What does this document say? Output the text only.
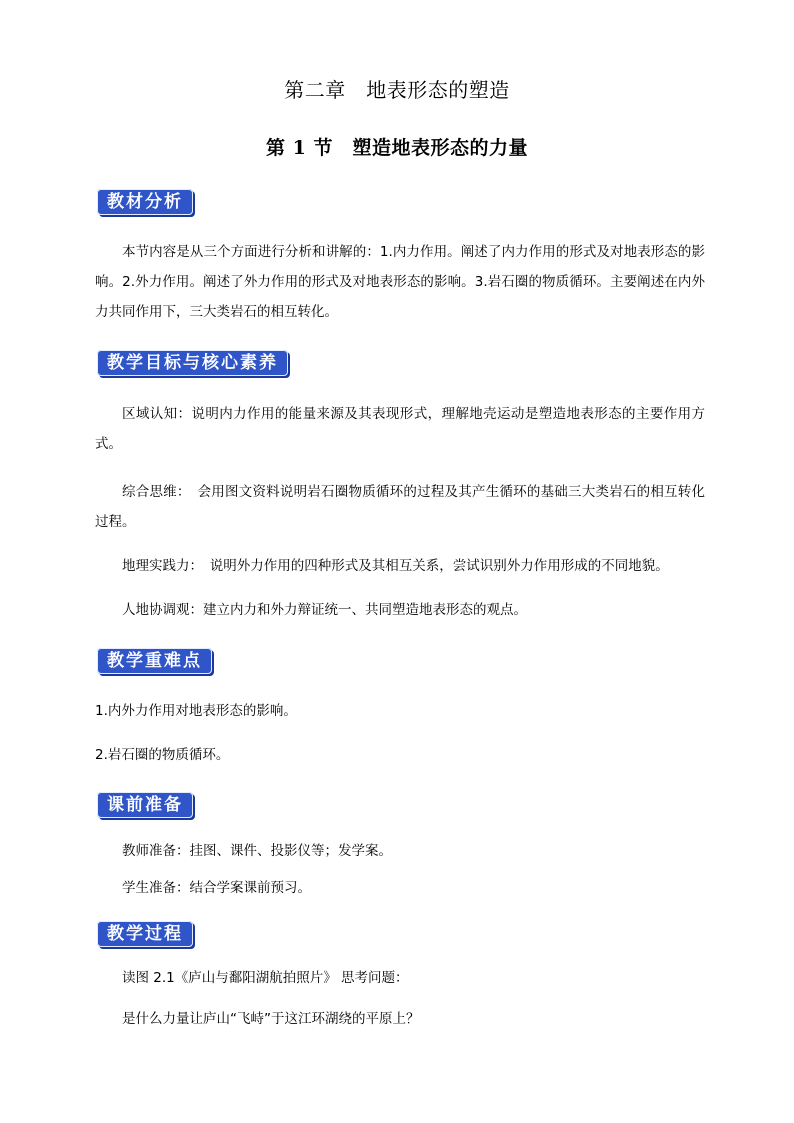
第二章　地表形态的塑造
第 1 节　塑造地表形态的力量
教材分析
本节内容是从三个方面进行分析和讲解的：1.内力作用。阐述了内力作用的形式及对地表形态的影响。2.外力作用。阐述了外力作用的形式及对地表形态的影响。3.岩石圈的物质循环。主要阐述在内外力共同作用下，三大类岩石的相互转化。
教学目标与核心素养
区域认知：说明内力作用的能量来源及其表现形式，理解地壳运动是塑造地表形态的主要作用方式。
综合思维：　会用图文资料说明岩石圈物质循环的过程及其产生循环的基础三大类岩石的相互转化过程。
地理实践力：　说明外力作用的四种形式及其相互关系，尝试识别外力作用形成的不同地貌。
人地协调观：建立内力和外力辩证统一、共同塑造地表形态的观点。
教学重难点
1.内外力作用对地表形态的影响。
2.岩石圈的物质循环。
课前准备
教师准备：挂图、课件、投影仪等；发学案。
学生准备：结合学案课前预习。
教学过程
读图 2.1《庐山与鄱阳湖航拍照片》 思考问题：
是什么力量让庐山“飞峙”于这江环湖绕的平原上？
